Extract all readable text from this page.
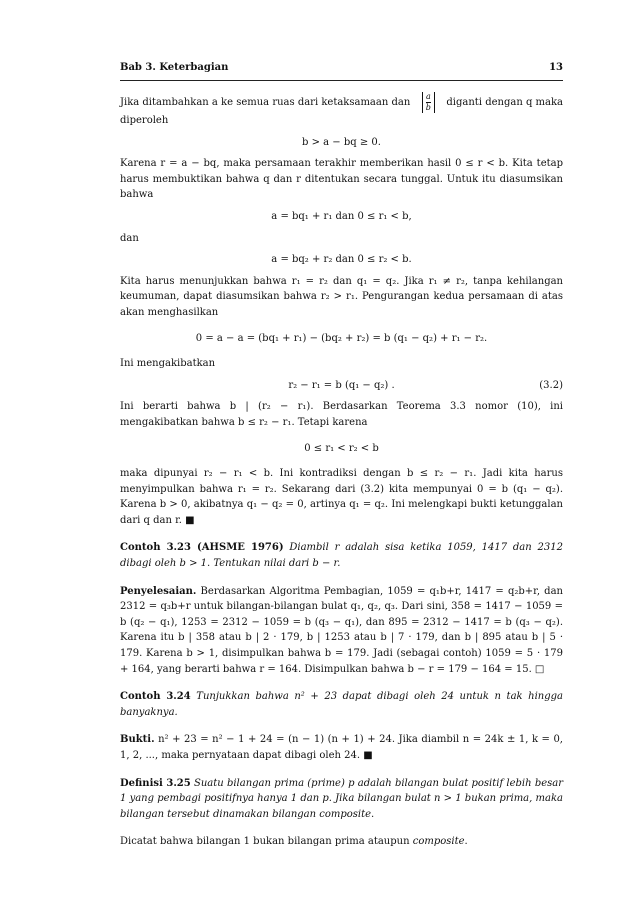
Bab 3. Keterbagian	13
Jika ditambahkan a ke semua ruas dari ketaksamaan dan
a
b diganti dengan q maka

diperoleh

b > a − bq ≥ 0.

Karena r = a − bq, maka persamaan terakhir memberikan hasil 0 ≤ r < b. Kita tetap harus membuktikan bahwa q dan r ditentukan secara tunggal. Untuk itu diasumsikan bahwa

a = bq₁ + r₁ dan 0 ≤ r₁ < b,

dan

a = bq₂ + r₂ dan 0 ≤ r₂ < b.

Kita harus menunjukkan bahwa r₁ = r₂ dan q₁ = q₂. Jika r₁ ≠ r₂, tanpa kehilangan keumuman, dapat diasumsikan bahwa r₂ > r₁. Pengurangan kedua persamaan di atas akan menghasilkan

0 = a − a = (bq₁ + r₁) − (bq₂ + r₂) = b (q₁ − q₂) + r₁ − r₂.

Ini mengakibatkan

r₂ − r₁ = b (q₁ − q₂) .	(3.2)

Ini berarti bahwa b | (r₂ − r₁). Berdasarkan Teorema 3.3 nomor (10), ini mengakibatkan bahwa b ≤ r₂ − r₁. Tetapi karena

0 ≤ r₁ < r₂ < b

maka dipunyai r₂ − r₁ < b. Ini kontradiksi dengan b ≤ r₂ − r₁. Jadi kita harus menyimpulkan bahwa r₁ = r₂. Sekarang dari (3.2) kita mempunyai 0 = b (q₁ − q₂). Karena b > 0, akibatnya q₁ − q₂ = 0, artinya q₁ = q₂. Ini melengkapi bukti ketunggalan dari q dan r. ■

Contoh 3.23 (AHSME 1976) Diambil r adalah sisa ketika 1059, 1417 dan 2312 dibagi oleh b > 1. Tentukan nilai dari b − r.

Penyelesaian. Berdasarkan Algoritma Pembagian, 1059 = q₁b+r, 1417 = q₂b+r, dan 2312 = q₃b+r untuk bilangan-bilangan bulat q₁, q₂, q₃. Dari sini, 358 = 1417 − 1059 = b (q₂ − q₁), 1253 = 2312 − 1059 = b (q₃ − q₁), dan 895 = 2312 − 1417 = b (q₃ − q₂). Karena itu b | 358 atau b | 2 · 179, b | 1253 atau b | 7 · 179, dan b | 895 atau b | 5 · 179. Karena b > 1, disimpulkan bahwa b = 179. Jadi (sebagai contoh) 1059 = 5 · 179 + 164, yang berarti bahwa r = 164. Disimpulkan bahwa b − r = 179 − 164 = 15. □

Contoh 3.24 Tunjukkan bahwa n² + 23 dapat dibagi oleh 24 untuk n tak hingga banyaknya.

Bukti. n² + 23 = n² − 1 + 24 = (n − 1) (n + 1) + 24. Jika diambil n = 24k ± 1, k = 0, 1, 2, ..., maka pernyataan dapat dibagi oleh 24. ■

Definisi 3.25 Suatu bilangan prima (prime) p adalah bilangan bulat positif lebih besar 1 yang pembagi positifnya hanya 1 dan p. Jika bilangan bulat n > 1 bukan prima, maka bilangan tersebut dinamakan bilangan composite.

Dicatat bahwa bilangan 1 bukan bilangan prima ataupun composite.
